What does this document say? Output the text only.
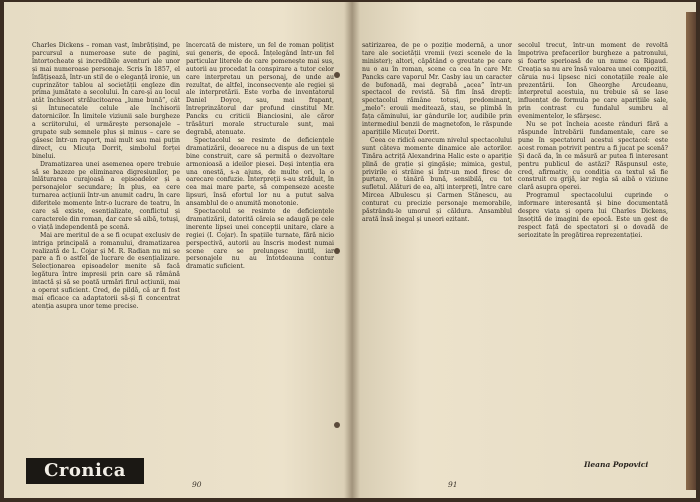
Charles Dickens – roman vast, îmbrățișind, pe parcursul a numeroase sute de pagini, întortocheate și incredibile aventuri ale unor și mai numeroase personaje. Scris în 1857, el înfățișează, într-un stil de o eleganță ironie, un cuprinzător tablou al societății engleze din prima jumătate a secolului. În care-și au locul atât închisori strălucitoarea „lume bună”, cât și întunecatele celule ale închisorii datornicilor. În limitele viziunii sale burgheze a scriitorului, el urmărește personajele – grupate sub semnele plus și minus – care se găsesc într-un raport, mai mult sau mai puțin direct, cu Micuța Dorrit, simbolul forței binelui.

Dramatizarea unei asemenea opere trebuie să se bazeze pe eliminarea digresiunilor, pe înlăturarea curajoasă a episoadelor și a personajelor secundare; în plus, ea cere turnarea acțiunii într-un anumit cadru, în care diferitele momente într-o lucrare de teatru, în care să existe, esențializate, conflictul și caracterele din roman, dar care să aibă, totuși, o viață independentă pe scenă.

Mai are meritul de a se fi ocupat exclusiv de intriga principală a romanului, dramatizarea realizată de L. Cojar și M. R. Radian nu mi se pare a fi o astfel de lucrare de esențializare. Selecționarea episoadelor menite să facă legătura între impresii prin care să rămână intactă și să se poată urmări firul acțiunii, mai a operat suficient. Cred, de pildă, că ar fi fost mai eficace ca adaptatorii să-și fi concentrat atenția asupra unor teme precise.

încercată de mistere, un fel de roman polițist sui generis, de epocă. Înțelegând într-un fel particular literele de care pomenește mai sus, autorii au procedat la conspirare a tutor celor care interpretau un personaj, de unde au rezultat, de altfel, inconsecvențe ale regiei și ale interpretării. Este vorba de inventatorul Daniel Doyce, sau, mai frapant, întreprinzătorul dar profund cinstitul Mr. Pancks cu criticii Bianciosini, ale căror trăsături morale structurale sunt, mai degrabă, atenuate.

Spectacolul se resimte de deficiențele dramatizării, deoarece nu a dispus de un text bine construit, care să permită o dezvoltare armonioasă a ideilor piesei. Deși intenția era una onestă, s-a ajuns, de multe ori, la o oarecare confuzie. Interpreții s-au străduit, în cea mai mare parte, să compenseze aceste lipsuri, însă efortul lor nu a putut salva ansamblul de o anumită monotonie.

Spectacolul se resimte de deficiențele dramatizării, datorită căreia se adaugă pe cele inerente lipsei unei concepții unitare, clare a regiei (I. Cojar). În spațiile turnate, fără nicio perspectivă, autorii au înscris modest numai scene care se prelungesc inutil, iar personajele nu au întotdeauna contur dramatic suficient.

Cronica
90

satirizarea, de pe o poziție modernă, a unor tare ale societății vremii (vezi scenele de la minister); altori, căpătând o greutate pe care nu o au în roman, scene ca cea în care Mr. Pancks care vaporul Mr. Casby iau un caracter de bufonadă, mai degrabă „acea” într-un spectacol de revistă. Să fim însă drepți: spectacolul rămâne totuși, predominant, „melo”: erouii meditează, stau, se plimbă în fața căminului, iar gândurile lor, audibile prin intermediul benzii de magnetofon, le răspunde aparițiile Micuței Dorrit.

Ceea ce ridică oarecum nivelul spectacolului sunt câteva momente dinamice ale actorilor. Tinăra actriță Alexandrina Halic este o apariție plină de grație și gingășie; mimica, gestul, privirile ei străine și într-un mod firesc de purtare, o tânără bună, sensibilă, cu tot sufletul. Alături de ea, alți interpreți, între care Mircea Albulescu și Carmen Stănescu, au conturat cu precizie personaje memorabile, păstrându-le umorul și căldura. Ansamblul arată însă inegal și uneori ezitant.

secolul trecut, într-un moment de revoltă împotriva prefacerilor burgheze a patronului, și foarte sperioasă de un nume ca Rigaud. Creația sa nu are însă valoarea unei compoziții, căruia nu-i lipsesc nici conotațiile reale ale prezentării. Ion Gheorghe Arcudeanu, interpretul acestuia, nu trebuie să se lase influențat de formula pe care aparițiile sale, prin contrast cu fundalul sumbru al evenimentelor, le sfârșesc.

Nu se pot încheia aceste rânduri fără a răspunde întrebării fundamentale, care se pune în spectatorul acestui spectacol: este acest roman potrivit pentru a fi jucat pe scenă? Și dacă da, în ce măsură ar putea fi interesant pentru publicul de astăzi? Răspunsul este, cred, afirmativ, cu condiția ca textul să fie construit cu grijă, iar regia să aibă o viziune clară asupra operei.

Programul spectacolului cuprinde o informare interesantă și bine documentată despre viața și opera lui Charles Dickens, însoțită de imagini de epocă. Este un gest de respect față de spectatori și o dovadă de seriozitate în pregătirea reprezentației.

Ileana Popovici
91
